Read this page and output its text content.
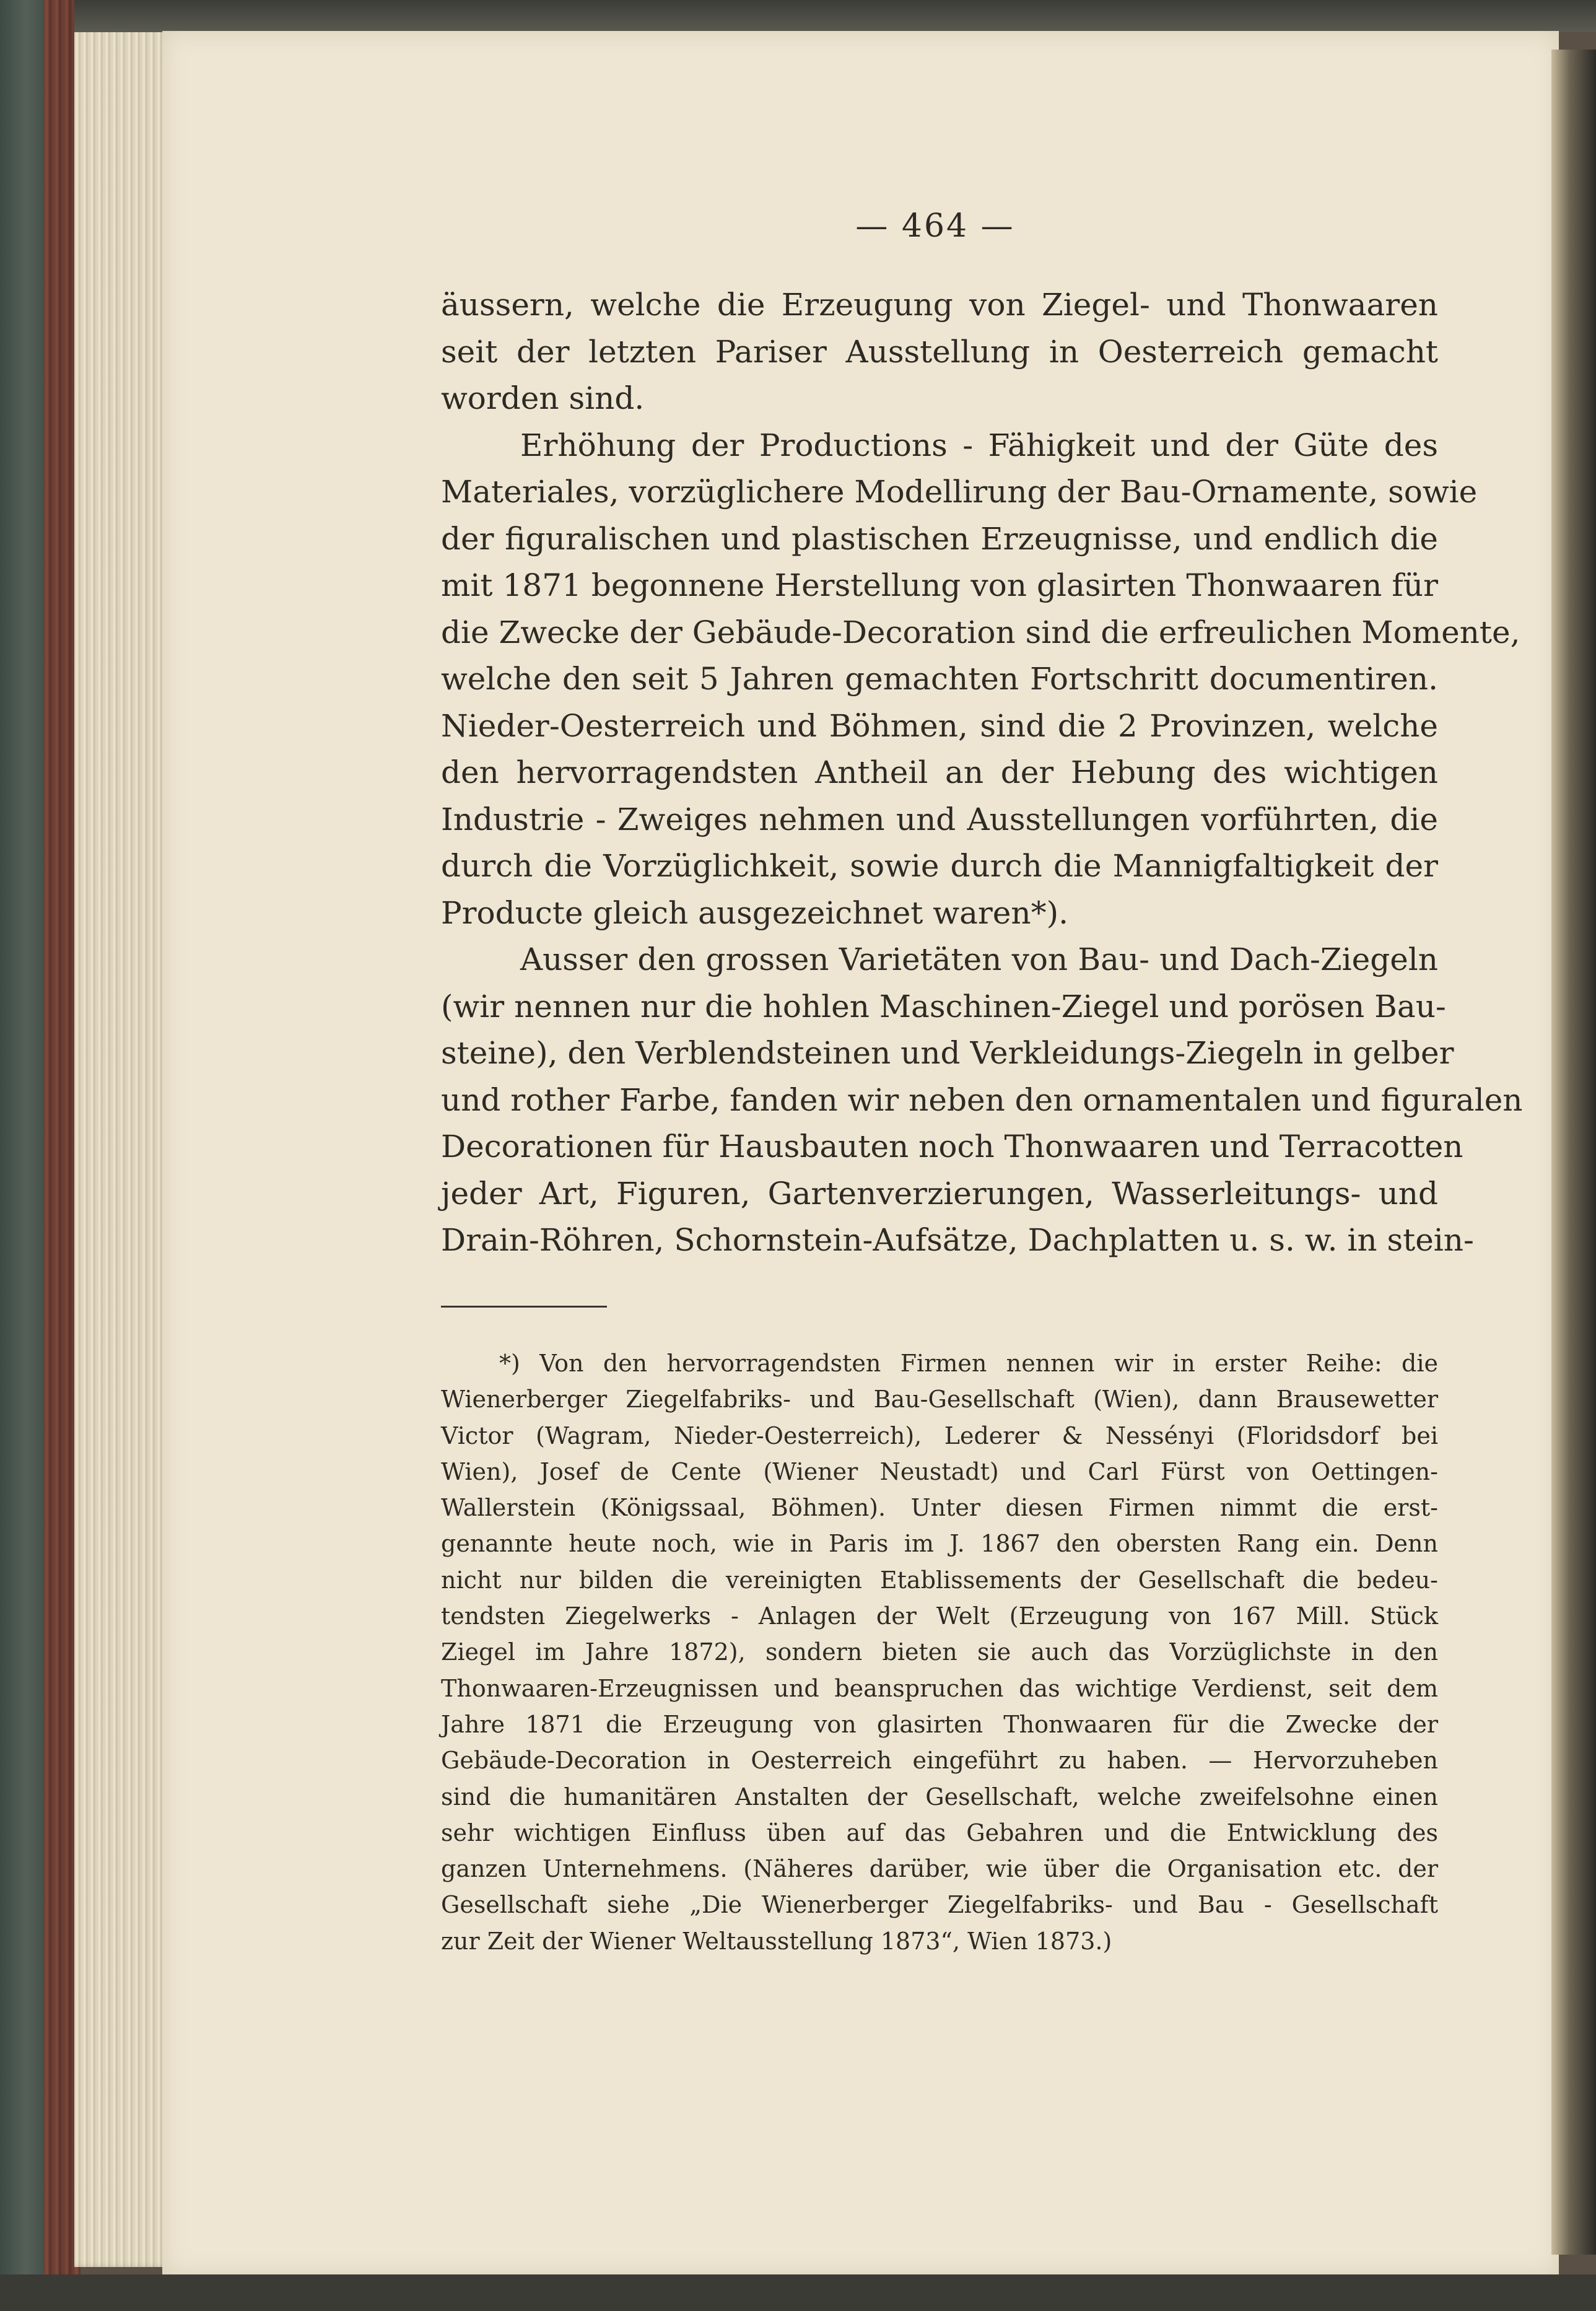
— 464 —
äussern, welche die Erzeugung von Ziegel- und Thonwaaren
seit der letzten Pariser Ausstellung in Oesterreich gemacht
worden sind.
Erhöhung der Productions - Fähigkeit und der Güte des
Materiales, vorzüglichere Modellirung der Bau-Ornamente, sowie
der figuralischen und plastischen Erzeugnisse, und endlich die
mit 1871 begonnene Herstellung von glasirten Thonwaaren für
die Zwecke der Gebäude-Decoration sind die erfreulichen Momente,
welche den seit 5 Jahren gemachten Fortschritt documentiren.
Nieder-Oesterreich und Böhmen, sind die 2 Provinzen, welche
den hervorragendsten Antheil an der Hebung des wichtigen
Industrie - Zweiges nehmen und Ausstellungen vorführten, die
durch die Vorzüglichkeit, sowie durch die Mannigfaltigkeit der
Producte gleich ausgezeichnet waren*).
Ausser den grossen Varietäten von Bau- und Dach-Ziegeln
(wir nennen nur die hohlen Maschinen-Ziegel und porösen Bau-
steine), den Verblendsteinen und Verkleidungs-Ziegeln in gelber
und rother Farbe, fanden wir neben den ornamentalen und figuralen
Decorationen für Hausbauten noch Thonwaaren und Terracotten
jeder Art, Figuren, Gartenverzierungen, Wasserleitungs- und
Drain-Röhren, Schornstein-Aufsätze, Dachplatten u. s. w. in stein-
*) Von den hervorragendsten Firmen nennen wir in erster Reihe: die
Wienerberger Ziegelfabriks- und Bau-Gesellschaft (Wien), dann Brausewetter
Victor (Wagram, Nieder-Oesterreich), Lederer & Nessényi (Floridsdorf bei
Wien), Josef de Cente (Wiener Neustadt) und Carl Fürst von Oettingen-
Wallerstein (Königssaal, Böhmen). Unter diesen Firmen nimmt die erst-
genannte heute noch, wie in Paris im J. 1867 den obersten Rang ein. Denn
nicht nur bilden die vereinigten Etablissements der Gesellschaft die bedeu-
tendsten Ziegelwerks - Anlagen der Welt (Erzeugung von 167 Mill. Stück
Ziegel im Jahre 1872), sondern bieten sie auch das Vorzüglichste in den
Thonwaaren-Erzeugnissen und beanspruchen das wichtige Verdienst, seit dem
Jahre 1871 die Erzeugung von glasirten Thonwaaren für die Zwecke der
Gebäude-Decoration in Oesterreich eingeführt zu haben. — Hervorzuheben
sind die humanitären Anstalten der Gesellschaft, welche zweifelsohne einen
sehr wichtigen Einfluss üben auf das Gebahren und die Entwicklung des
ganzen Unternehmens. (Näheres darüber, wie über die Organisation etc. der
Gesellschaft siehe „Die Wienerberger Ziegelfabriks- und Bau - Gesellschaft
zur Zeit der Wiener Weltausstellung 1873“, Wien 1873.)
